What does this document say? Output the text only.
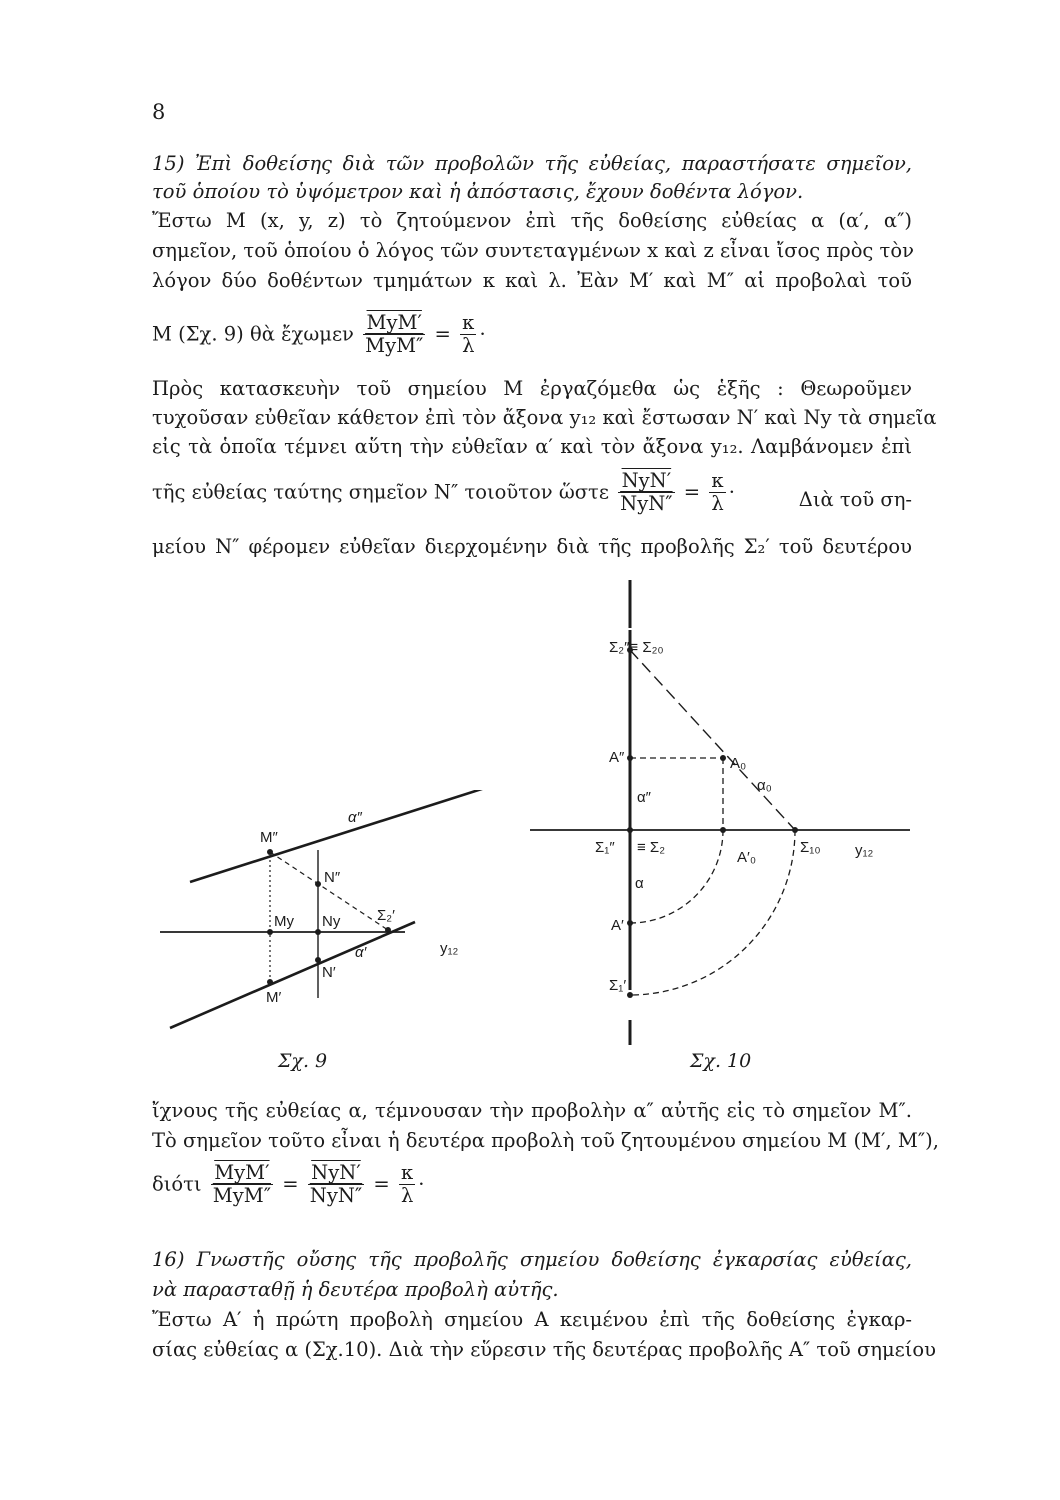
8
15) Ἐπὶ δοθείσης διὰ τῶν προβολῶν τῆς εὐθείας, παραστήσατε σημεῖον,
τοῦ ὁποίου τὸ ὑψόμετρον καὶ ἡ ἀπόστασις, ἔχουν δοθέντα λόγον.
Ἔστω Μ (x, y, z) τὸ ζητούμενον ἐπὶ τῆς δοθείσης εὐθείας α (α′, α″)
σημεῖον, τοῦ ὁποίου ὁ λόγος τῶν συντεταγμένων x καὶ z εἶναι ἴσος πρὸς τὸν
λόγον δύο δοθέντων τμημάτων κ καὶ λ. Ἐὰν Μ′ καὶ Μ″ αἱ προβολαὶ τοῦ
Μ (Σχ. 9) θὰ ἔχωμεν $\frac{\text{MyM′}}{\text{MyM″}} = \frac{\kappa}{\lambda}$ ·
Πρὸς κατασκευὴν τοῦ σημείου Μ ἐργαζόμεθα ὡς ἑξῆς : Θεωροῦμεν
τυχοῦσαν εὐθεῖαν κάθετον ἐπὶ τὸν ἄξονα y₁₂ καὶ ἔστωσαν Ν′ καὶ Νy τὰ σημεῖα
εἰς τὰ ὁποῖα τέμνει αὕτη τὴν εὐθεῖαν α′ καὶ τὸν ἄξονα y₁₂. Λαμβάνομεν ἐπὶ
τῆς εὐθείας ταύτης σημεῖον Ν″ τοιοῦτον ὥστε $\frac{\text{NyN′}}{\text{NyN″}} = \frac{\kappa}{\lambda}$ ·	Διὰ τοῦ ση-
μείου Ν″ φέρομεν εὐθεῖαν διερχομένην διὰ τῆς προβολῆς Σ₂′ τοῦ δευτέρου
M″
α″
N″
My Ny Σ₂′
α′
N′
y₁₂
M′
Σχ. 9
Σ₂″≡ Σ₂₀
A″	A₀
α₀
α″
Σ₁″ ≡ Σ₂
A′₀
Σ₁₀ y₁₂
α
A′
Σ₁′
Σχ. 10
ἴχνους τῆς εὐθείας α, τέμνουσαν τὴν προβολὴν α″ αὐτῆς εἰς τὸ σημεῖον Μ″.
Τὸ σημεῖον τοῦτο εἶναι ἡ δευτέρα προβολὴ τοῦ ζητουμένου σημείου Μ (Μ′, Μ″),
διότι $\frac{\text{MyM′}}{\text{MyM″}} = \frac{\text{NyN′}}{\text{NyN″}} = \frac{\kappa}{\lambda}$ ·
16) Γνωστῆς οὔσης τῆς προβολῆς σημείου δοθείσης ἐγκαρσίας εὐθείας,
νὰ παρασταθῇ ἡ δευτέρα προβολὴ αὐτῆς.
Ἔστω Α′ ἡ πρώτη προβολὴ σημείου Α κειμένου ἐπὶ τῆς δοθείσης ἐγκαρ-
σίας εὐθείας α (Σχ.10). Διὰ τὴν εὕρεσιν τῆς δευτέρας προβολῆς Α″ τοῦ σημείου
